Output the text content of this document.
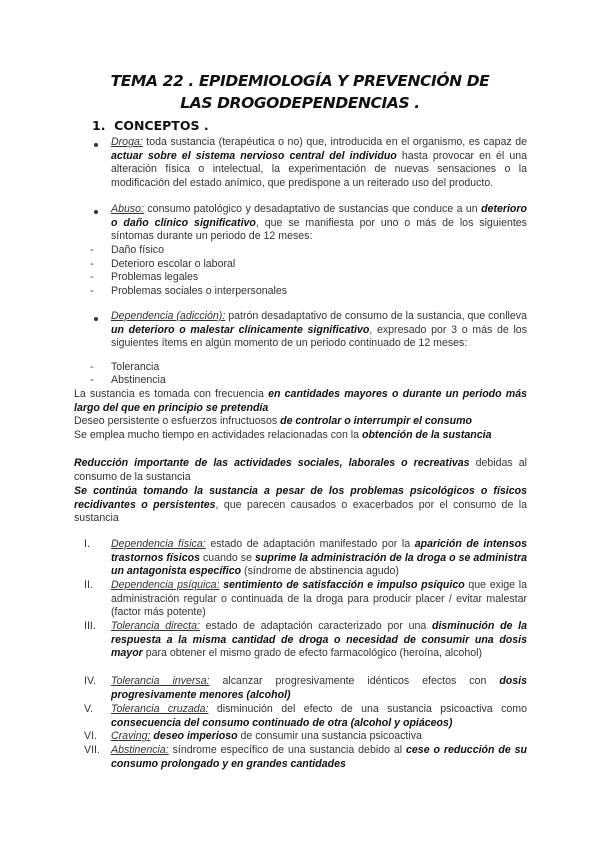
TEMA 22 . EPIDEMIOLOGÍA Y PREVENCIÓN DE
LAS DROGODEPENDENCIAS .
1. CONCEPTOS .
Droga: toda sustancia (terapéutica o no) que, introducida en el organismo, es capaz de actuar sobre el sistema nervioso central del individuo hasta provocar en él una alteración física o intelectual, la experimentación de nuevas sensaciones o la modificación del estado anímico, que predispone a un reiterado uso del producto.
Abuso: consumo patológico y desadaptativo de sustancias que conduce a un deterioro o daño clínico significativo, que se manifiesta por uno o más de los siguientes síntomas durante un periodo de 12 meses:
- Daño físico
- Deterioro escolar o laboral
- Problemas legales
- Problemas sociales o interpersonales
Dependencia (adicción): patrón desadaptativo de consumo de la sustancia, que conlleva un deterioro o malestar clínicamente significativo, expresado por 3 o más de los siguientes ítems en algún momento de un periodo continuado de 12 meses:
- Tolerancia
- Abstinencia
La sustancia es tomada con frecuencia en cantidades mayores o durante un periodo más largo del que en principio se pretendía
Deseo persistente o esfuerzos infructuosos de controlar o interrumpir el consumo
Se emplea mucho tiempo en actividades relacionadas con la obtención de la sustancia
Reducción importante de las actividades sociales, laborales o recreativas debidas al consumo de la sustancia
Se continúa tomando la sustancia a pesar de los problemas psicológicos o físicos recidivantes o persistentes, que parecen causados o exacerbados por el consumo de la sustancia
I.	Dependencia física: estado de adaptación manifestado por la aparición de intensos trastornos físicos cuando se suprime la administración de la droga o se administra un antagonista específico (síndrome de abstinencia agudo)
II.	Dependencia psíquica: sentimiento de satisfacción e impulso psíquico que exige la administración regular o continuada de la droga para producir placer / evitar malestar (factor más potente)
III.	Tolerancia directa: estado de adaptación caracterizado por una disminución de la respuesta a la misma cantidad de droga o necesidad de consumir una dosis mayor para obtener el mismo grado de efecto farmacológico (heroína, alcohol)
IV.	Tolerancia inversa: alcanzar progresivamente idénticos efectos con dosis progresivamente menores (alcohol)
V.	Tolerancia cruzada: disminución del efecto de una sustancia psicoactiva como consecuencia del consumo continuado de otra (alcohol y opiáceos)
VI.	Craving: deseo imperioso de consumir una sustancia psicoactiva
VII.	Abstinencia: síndrome específico de una sustancia debido al cese o reducción de su consumo prolongado y en grandes cantidades
